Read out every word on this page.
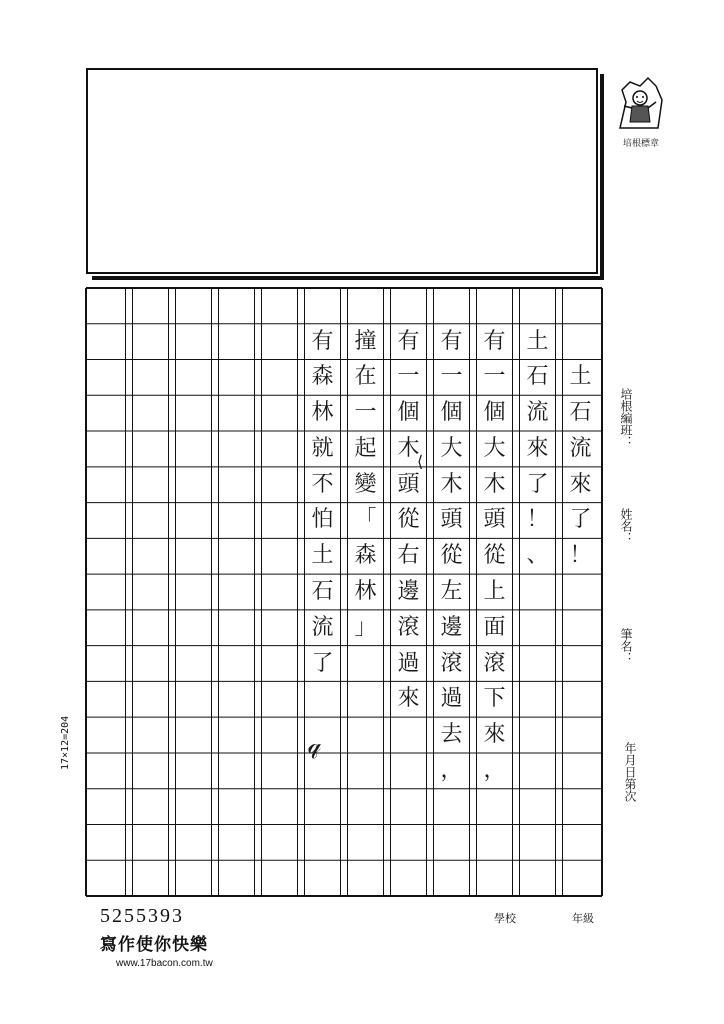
培根標章
土
石
流
來
了
！
土
石
流
來
了
！
、
有
一
個
大
木
頭
從
上
面
滾
下
來
，
有
一
個
大
木
頭
從
左
邊
滾
過
去
，
有
一
個
木
頭
從
右
邊
滾
過
來
撞
在
一
起
變
「
森
林
」
有
森
林
就
不
怕
土
石
流
了
⟨
𝓆
培根編班：
姓名：
筆名：
年月日第次
17×12=204
5255393
寫作使你快樂
www.17bacon.com.tw
學校	年級
